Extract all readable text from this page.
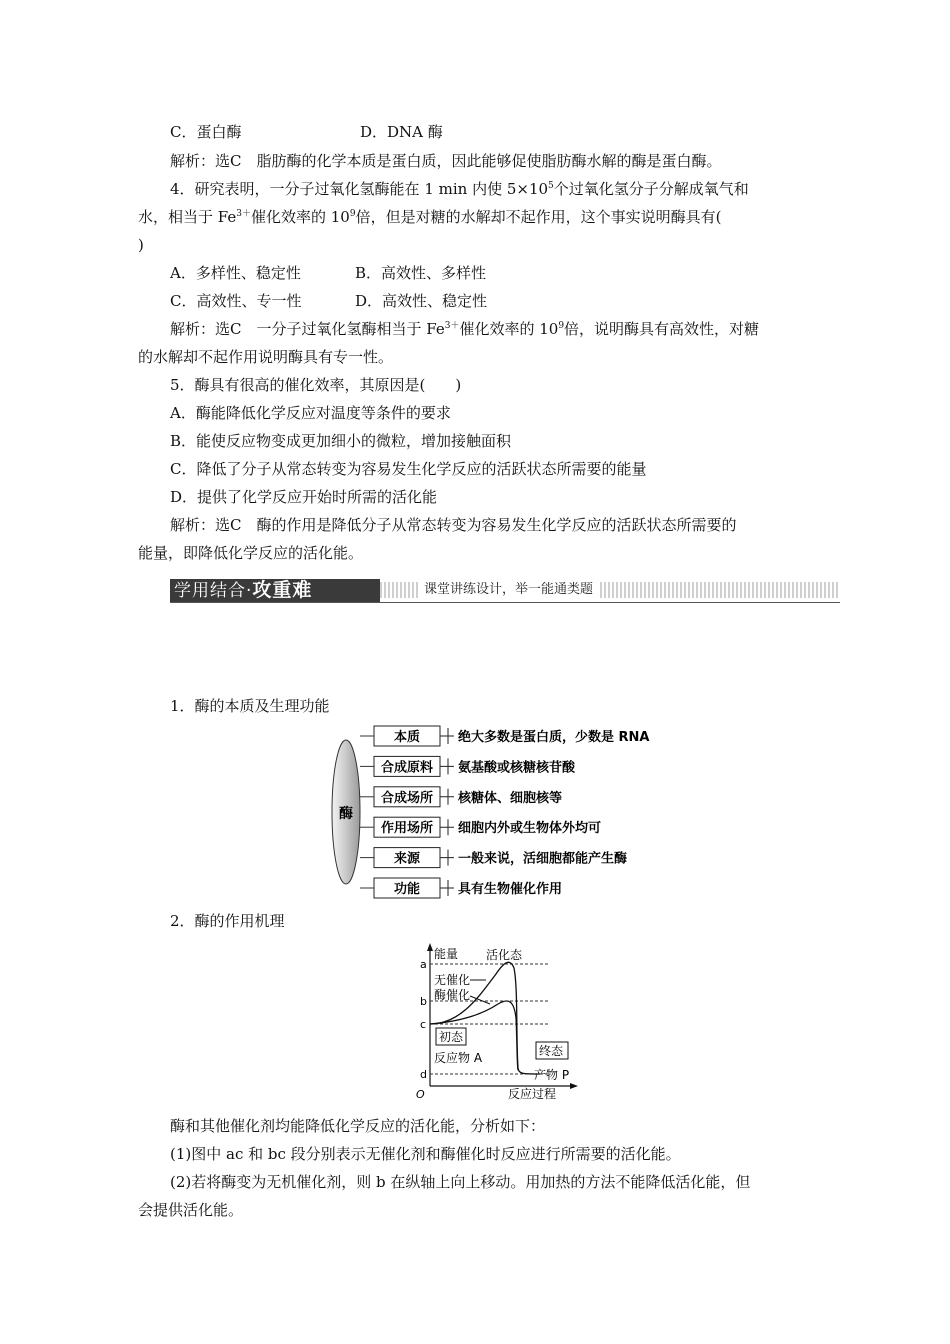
C．蛋白酶	D．DNA 酶
解析：选C　脂肪酶的化学本质是蛋白质，因此能够促使脂肪酶水解的酶是蛋白酶。
4．研究表明，一分子过氧化氢酶能在 1 min 内使 $5\times 10^5$个过氧化氢分子分解成氧气和
水，相当于 $Fe^{3+}$催化效率的 $10^9$倍，但是对糖的水解却不起作用，这个事实说明酶具有(
)
A．多样性、稳定性	B．高效性、多样性
C．高效性、专一性	D．高效性、稳定性
解析：选C　一分子过氧化氢酶相当于 $Fe^{3+}$催化效率的 $10^9$倍，说明酶具有高效性，对糖
的水解却不起作用说明酶具有专一性。
5．酶具有很高的催化效率，其原因是(　　)
A．酶能降低化学反应对温度等条件的要求
B．能使反应物变成更加细小的微粒，增加接触面积
C．降低了分子从常态转变为容易发生化学反应的活跃状态所需要的能量
D．提供了化学反应开始时所需的活化能
解析：选C　酶的作用是降低分子从常态转变为容易发生化学反应的活跃状态所需要的
能量，即降低化学反应的活化能。
学用结合·攻重难	课堂讲练设计，举一能通类题
1．酶的本质及生理功能
酶
本质	绝大多数是蛋白质，少数是 RNA
合成原料 氨基酸或核糖核苷酸
合成场所 核糖体、细胞核等
作用场所 细胞内外或生物体外均可
来源	一般来说，活细胞都能产生酶
功能	具有生物催化作用
2．酶的作用机理
能量
反应过程
O
a
b
c
d
活化态
无催化
酶催化
初态
反应物 A	终态
产物 P
酶和其他催化剂均能降低化学反应的活化能，分析如下：
(1)图中 ac 和 bc 段分别表示无催化剂和酶催化时反应进行所需要的活化能。
(2)若将酶变为无机催化剂，则 b 在纵轴上向上移动。用加热的方法不能降低活化能，但
会提供活化能。
